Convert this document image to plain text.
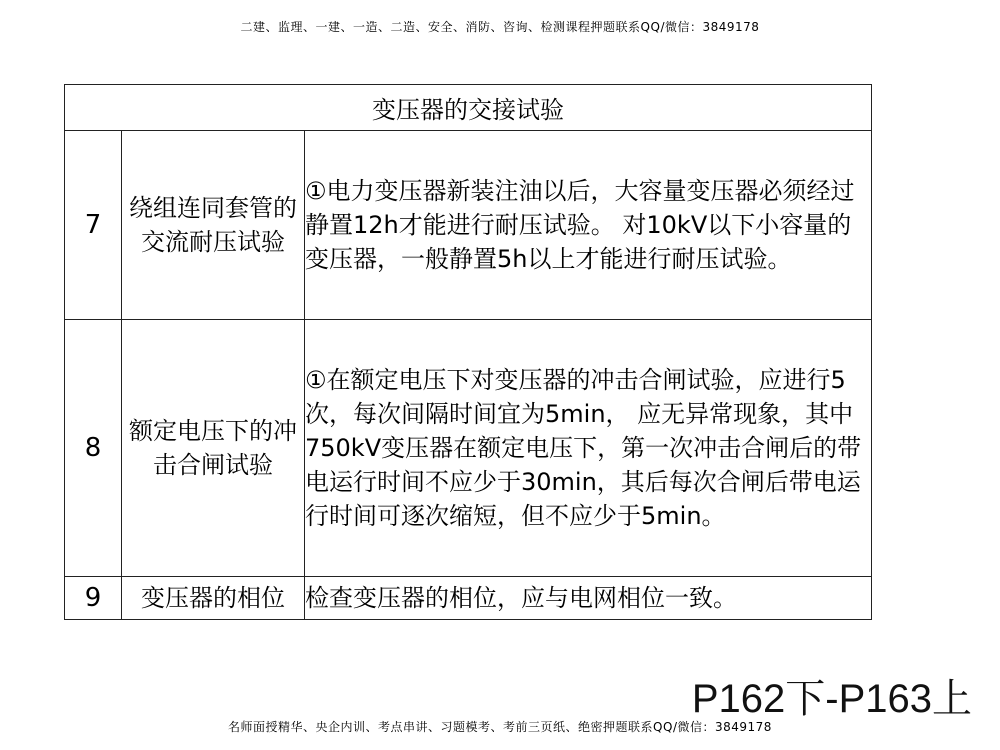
二建、监理、一建、一造、二造、安全、消防、咨询、检测课程押题联系QQ/微信：3849178
变压器的交接试验		
7	绕组连同套管的交流耐压试验	①电力变压器新装注油以后，大容量变压器必须经过静置12h才能进行耐压试验。 对10kV以下小容量的变压器，一般静置5h以上才能进行耐压试验。
8	额定电压下的冲击合闸试验	①在额定电压下对变压器的冲击合闸试验，应进行5次，每次间隔时间宜为5min， 应无异常现象，其中750kV变压器在额定电压下，第一次冲击合闸后的带电运行时间不应少于30min，其后每次合闸后带电运行时间可逐次缩短，但不应少于5min。
9	变压器的相位	检查变压器的相位，应与电网相位一致。
P162下-P163上
名师面授精华、央企内训、考点串讲、习题模考、考前三页纸、绝密押题联系QQ/微信：3849178
